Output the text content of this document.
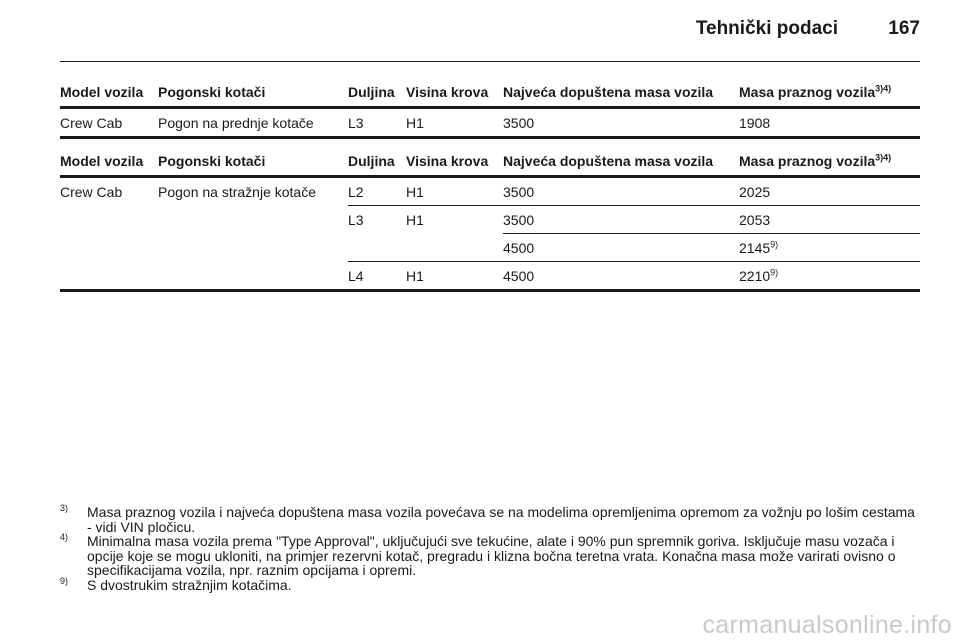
Tehnički podaci	167
Model vozila	Pogonski kotači	Duljina	Visina krova	Najveća dopuštena masa vozila	Masa praznog vozila$^{3)4)}$
Crew Cab	Pogon na prednje kotače	L3	H1	3500	1908
Model vozila	Pogonski kotači	Duljina	Visina krova	Najveća dopuštena masa vozila	Masa praznog vozila$^{3)4)}$
Crew Cab	Pogon na stražnje kotače	L2	H1	3500	2025
		L3	H1	3500	2053
				4500	2145$^{9)}$
		L4	H1	4500	2210$^{9)}$

3) Masa praznog vozila i najveća dopuštena masa vozila povećava se na modelima opremljenima opremom za vožnju po lošim cestama - vidi VIN pločicu.
4) Minimalna masa vozila prema "Type Approval", uključujući sve tekućine, alate i 90% pun spremnik goriva. Isključuje masu vozača i opcije koje se mogu ukloniti, na primjer rezervni kotač, pregradu i klizna bočna teretna vrata. Konačna masa može varirati ovisno o specifikacijama vozila, npr. raznim opcijama i opremi.
9) S dvostrukim stražnjim kotačima.
carmanualsonline.info
